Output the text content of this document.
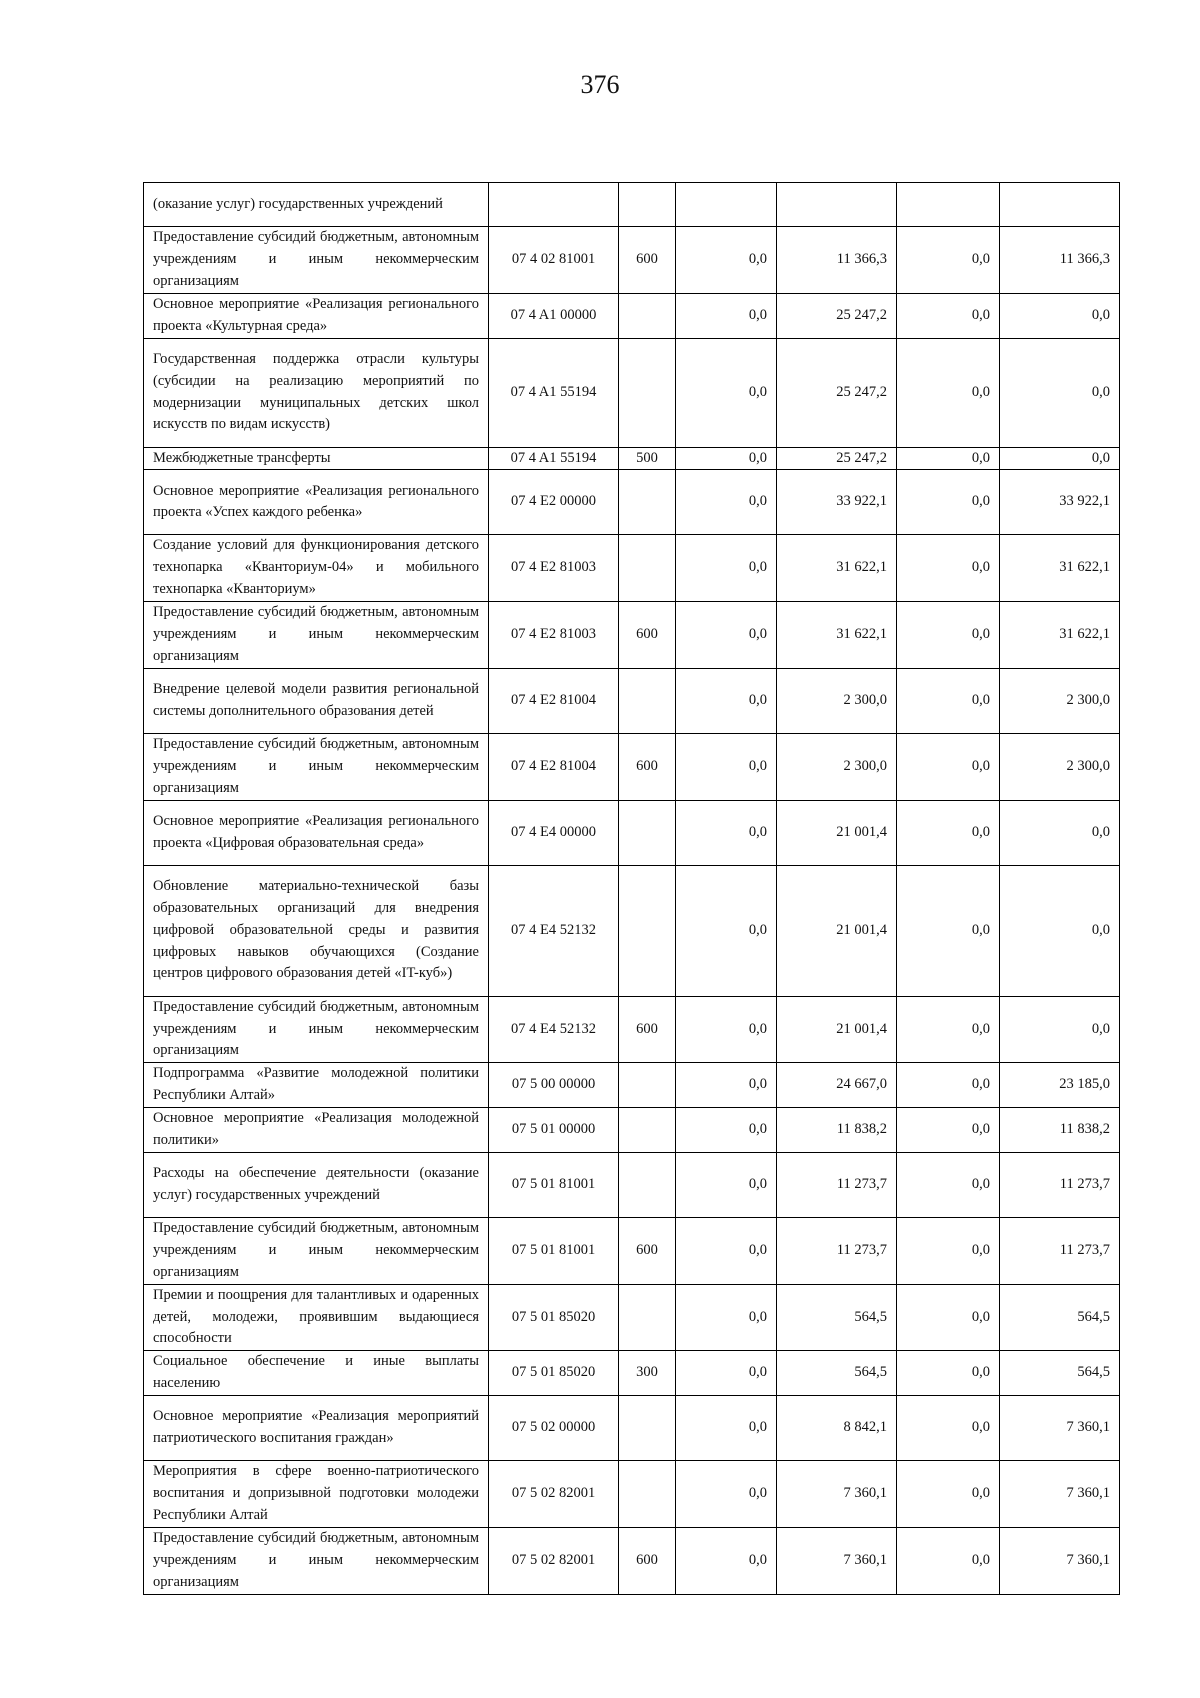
376
(оказание услуг) государственных учреждений						
Предоставление субсидий бюджетным, автономным учреждениям и иным некоммерческим организациям	07 4 02 81001	600	0,0	11 366,3	0,0	11 366,3
Основное мероприятие «Реализация регионального проекта «Культурная среда»	07 4 A1 00000		0,0	25 247,2	0,0	0,0
Государственная поддержка отрасли культуры (субсидии на реализацию мероприятий по модернизации муниципальных детских школ искусств по видам искусств)	07 4 A1 55194		0,0	25 247,2	0,0	0,0
Межбюджетные трансферты	07 4 A1 55194	500	0,0	25 247,2	0,0	0,0
Основное мероприятие «Реализация регионального проекта «Успех каждого ребенка»	07 4 E2 00000		0,0	33 922,1	0,0	33 922,1
Создание условий для функционирования детского технопарка «Кванториум-04» и мобильного технопарка «Кванториум»	07 4 E2 81003		0,0	31 622,1	0,0	31 622,1
Предоставление субсидий бюджетным, автономным учреждениям и иным некоммерческим организациям	07 4 E2 81003	600	0,0	31 622,1	0,0	31 622,1
Внедрение целевой модели развития региональной системы дополнительного образования детей	07 4 E2 81004		0,0	2 300,0	0,0	2 300,0
Предоставление субсидий бюджетным, автономным учреждениям и иным некоммерческим организациям	07 4 E2 81004	600	0,0	2 300,0	0,0	2 300,0
Основное мероприятие «Реализация регионального проекта «Цифровая образовательная среда»	07 4 E4 00000		0,0	21 001,4	0,0	0,0
Обновление материально-технической базы образовательных организаций для внедрения цифровой образовательной среды и развития цифровых навыков обучающихся (Создание центров цифрового образования детей «IT-куб»)	07 4 E4 52132		0,0	21 001,4	0,0	0,0
Предоставление субсидий бюджетным, автономным учреждениям и иным некоммерческим организациям	07 4 E4 52132	600	0,0	21 001,4	0,0	0,0
Подпрограмма «Развитие молодежной политики Республики Алтай»	07 5 00 00000		0,0	24 667,0	0,0	23 185,0
Основное мероприятие «Реализация молодежной политики»	07 5 01 00000		0,0	11 838,2	0,0	11 838,2
Расходы на обеспечение деятельности (оказание услуг) государственных учреждений	07 5 01 81001		0,0	11 273,7	0,0	11 273,7
Предоставление субсидий бюджетным, автономным учреждениям и иным некоммерческим организациям	07 5 01 81001	600	0,0	11 273,7	0,0	11 273,7
Премии и поощрения для талантливых и одаренных детей, молодежи, проявившим выдающиеся способности	07 5 01 85020		0,0	564,5	0,0	564,5
Социальное обеспечение и иные выплаты населению	07 5 01 85020	300	0,0	564,5	0,0	564,5
Основное мероприятие «Реализация мероприятий патриотического воспитания граждан»	07 5 02 00000		0,0	8 842,1	0,0	7 360,1
Мероприятия в сфере военно-патриотического воспитания и допризывной подготовки молодежи Республики Алтай	07 5 02 82001		0,0	7 360,1	0,0	7 360,1
Предоставление субсидий бюджетным, автономным учреждениям и иным некоммерческим организациям	07 5 02 82001	600	0,0	7 360,1	0,0	7 360,1
